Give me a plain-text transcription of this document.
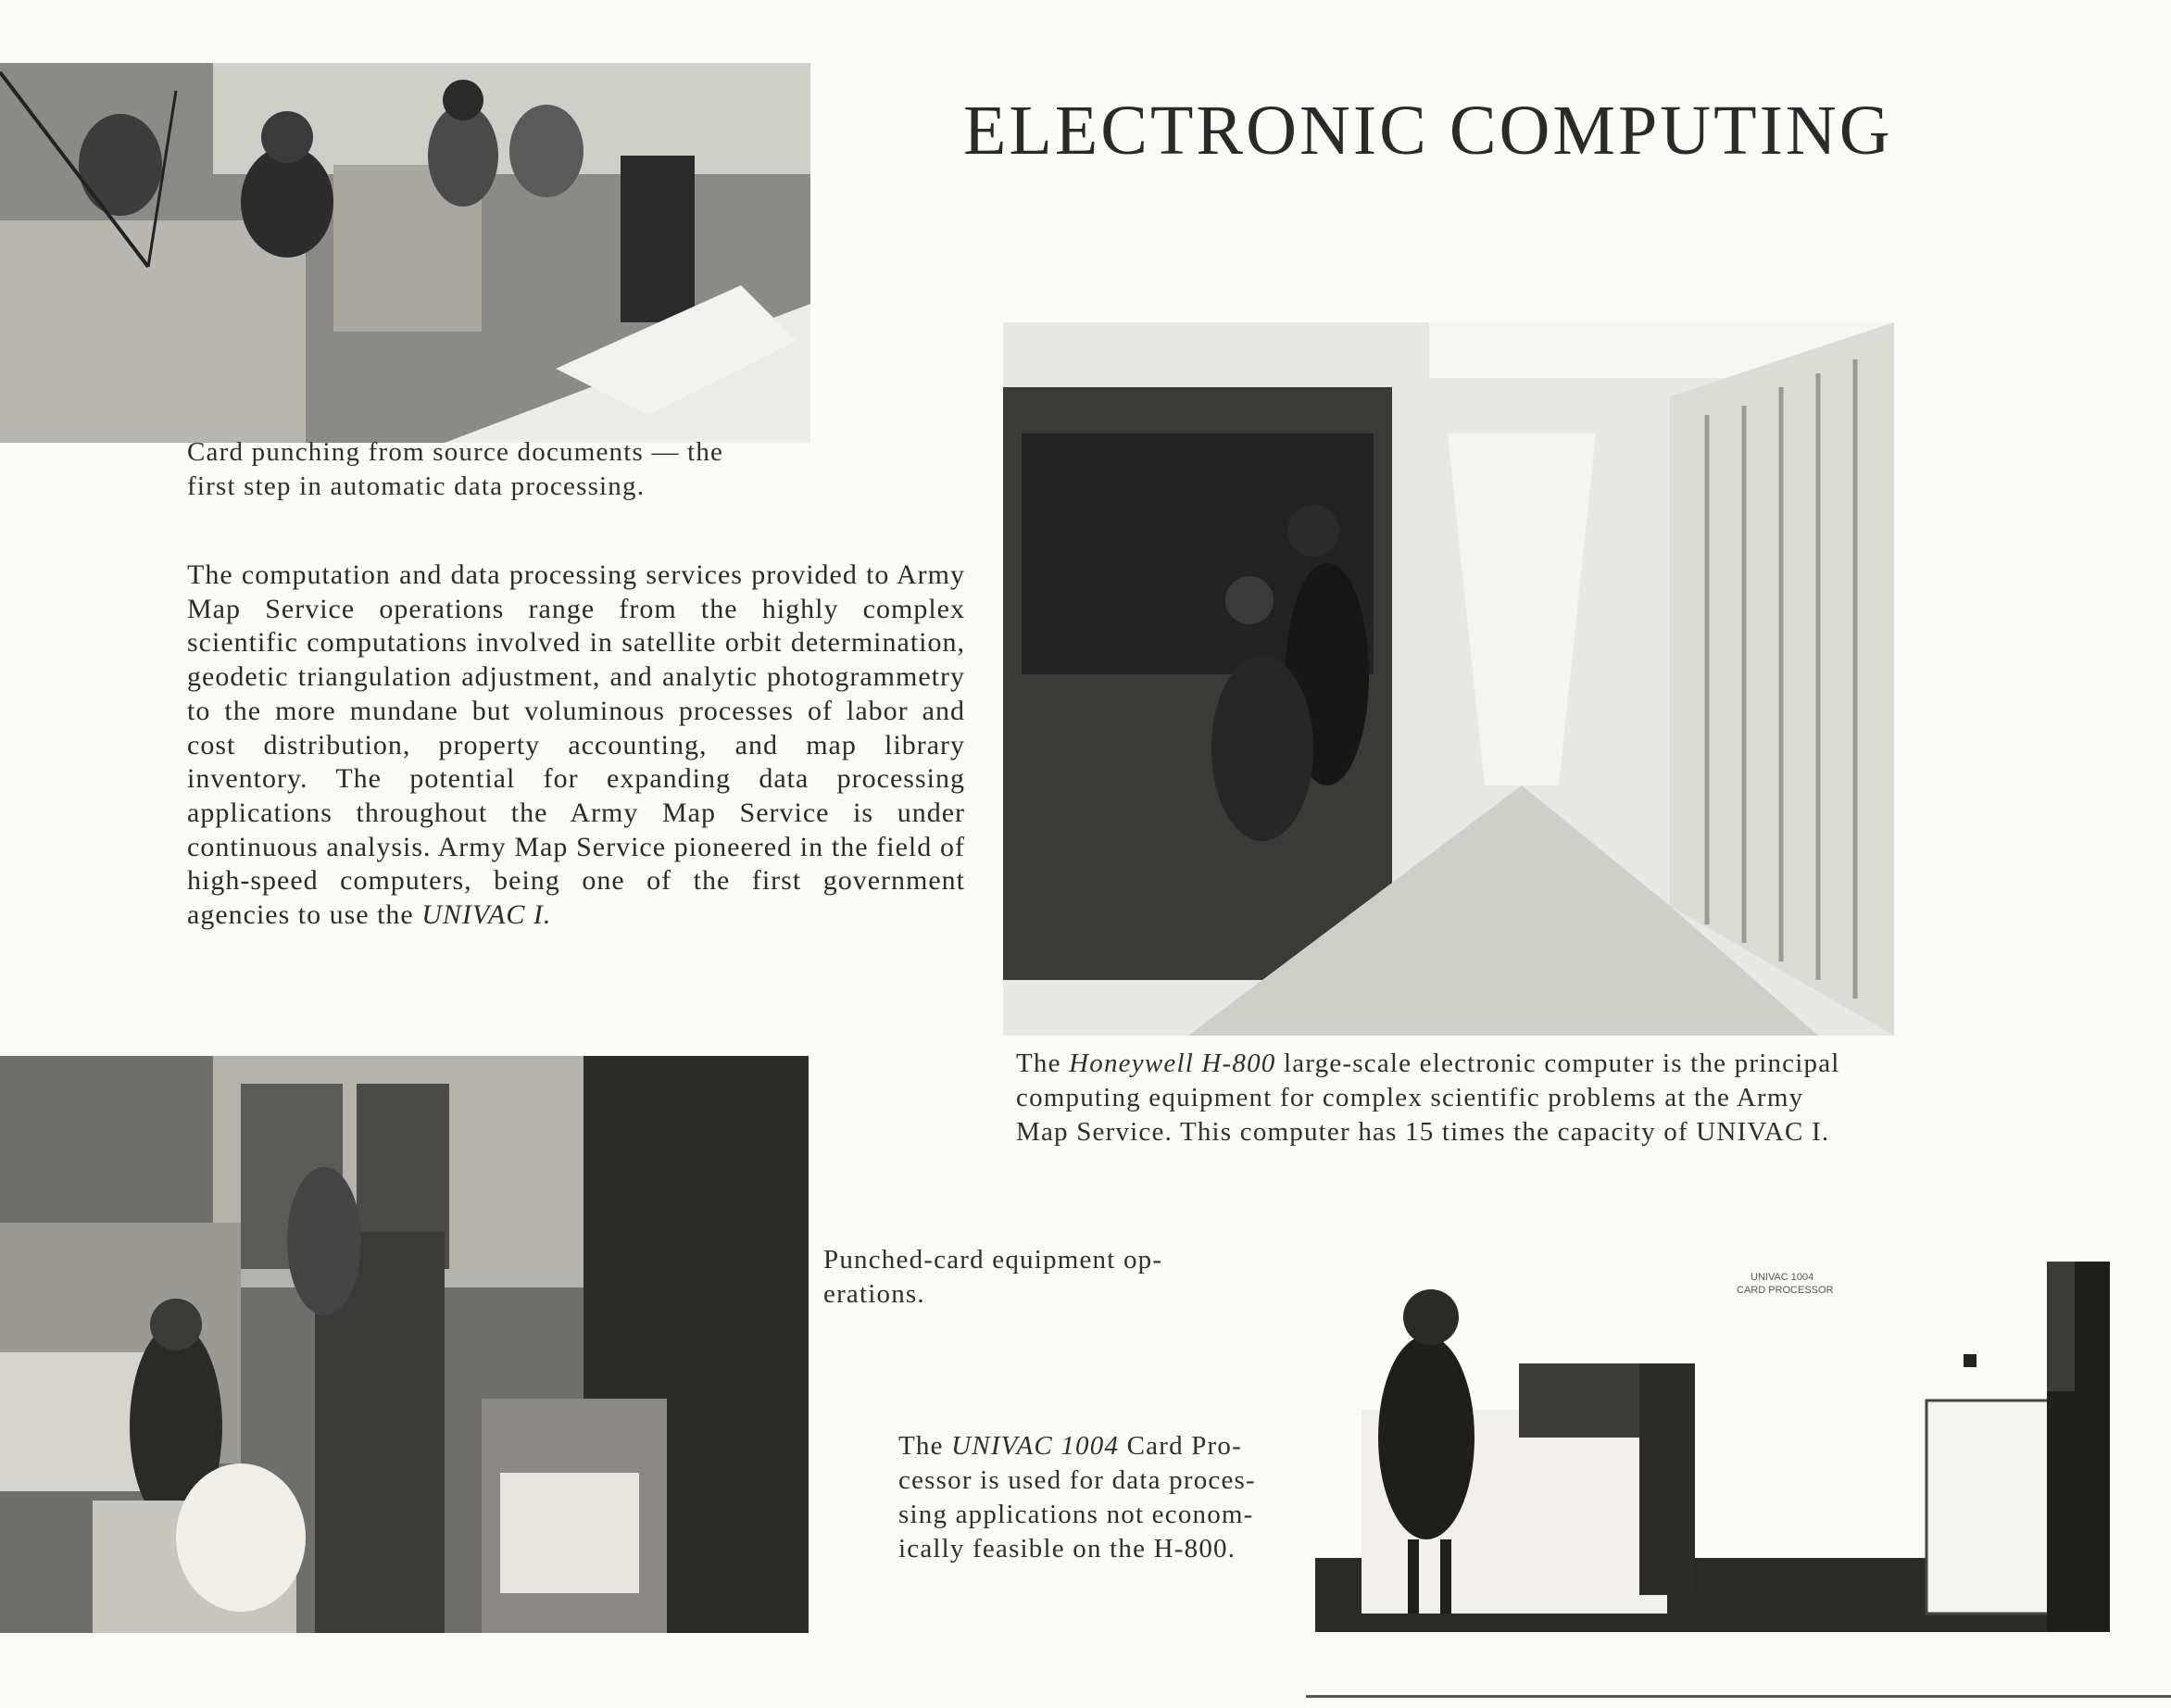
ELECTRONIC COMPUTING
Card punching from source documents — the
first step in automatic data processing.
The computation and data processing services provided to Army Map Service operations range from the highly complex scientific computations involved in satellite orbit determination, geodetic triangulation adjustment, and analytic photogrammetry to the more mundane but voluminous processes of labor and cost distribution, property accounting, and map library inventory. The potential for expanding data processing applications throughout the Army Map Service is under continuous analysis. Army Map Service pioneered in the field of high-speed computers, being one of the first government agencies to use the UNIVAC I.
The Honeywell H-800 large-scale electronic computer is the principal
computing equipment for complex scientific problems at the Army
Map Service. This computer has 15 times the capacity of UNIVAC I.
Punched-card equipment op-
erations.
UNIVAC 1004
CARD PROCESSOR
The UNIVAC 1004 Card Pro-
cessor is used for data proces-
sing applications not econom-
ically feasible on the H-800.
